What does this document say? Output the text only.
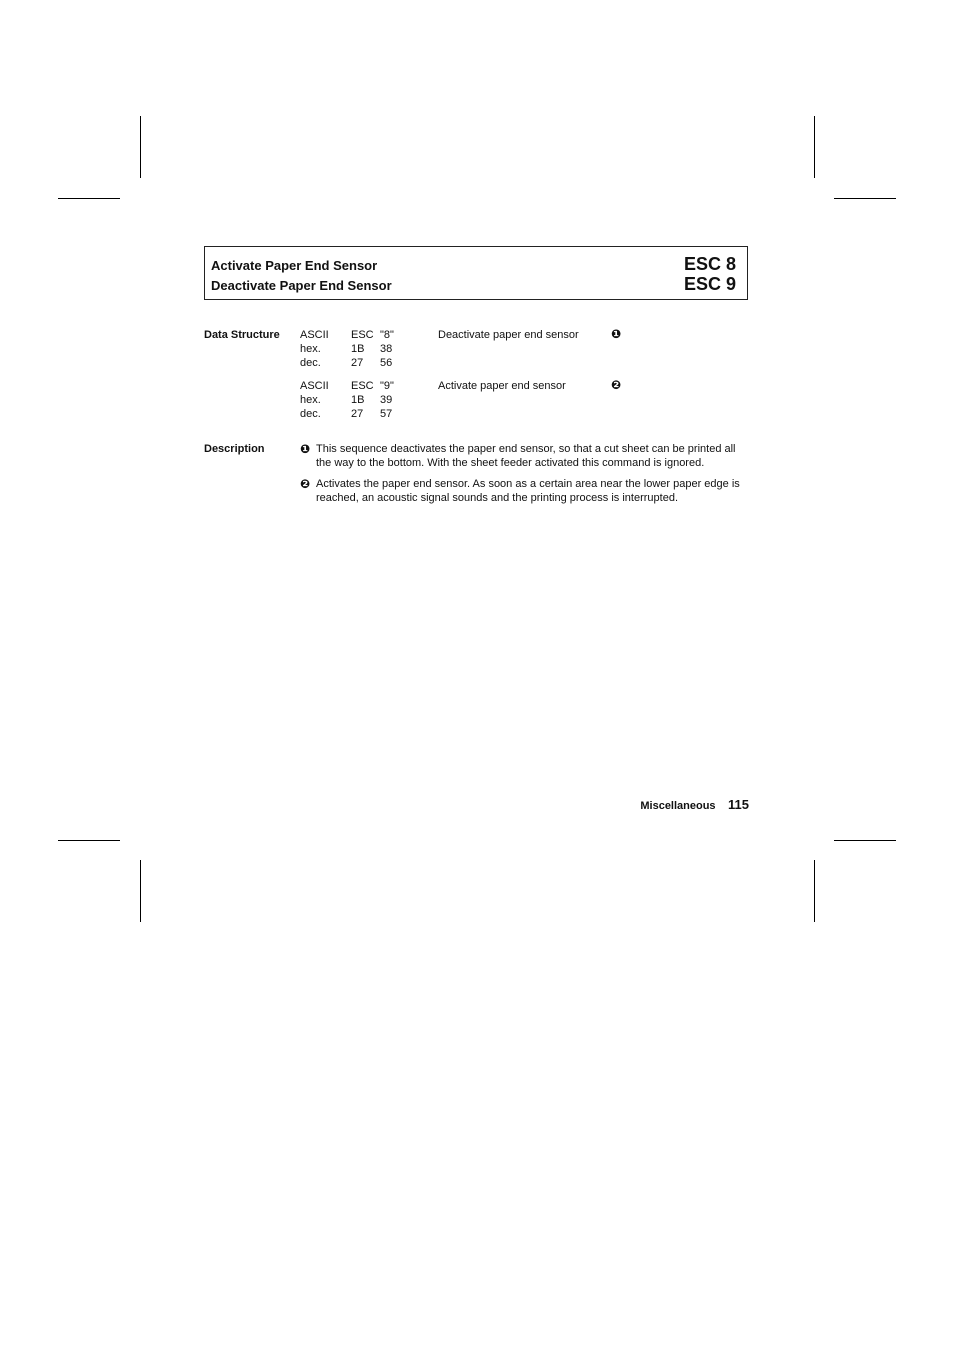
Activate Paper End Sensor
Deactivate Paper End Sensor
ESC 8
ESC 9
Data Structure ASCII ESC "8"
hex.	1B 38
dec.	27 56
Deactivate paper end sensor	❶
ASCII ESC "9"
hex.	1B 39
dec.	27 57
Activate paper end sensor	❷
Description	❶ This sequence deactivates the paper end sensor, so that a cut sheet can be printed all the way to the bottom. With the sheet feeder activated this command is ignored.
❷ Activates the paper end sensor. As soon as a certain area near the lower paper edge is reached, an acoustic signal sounds and the printing process is interrupted.
Miscellaneous 115
